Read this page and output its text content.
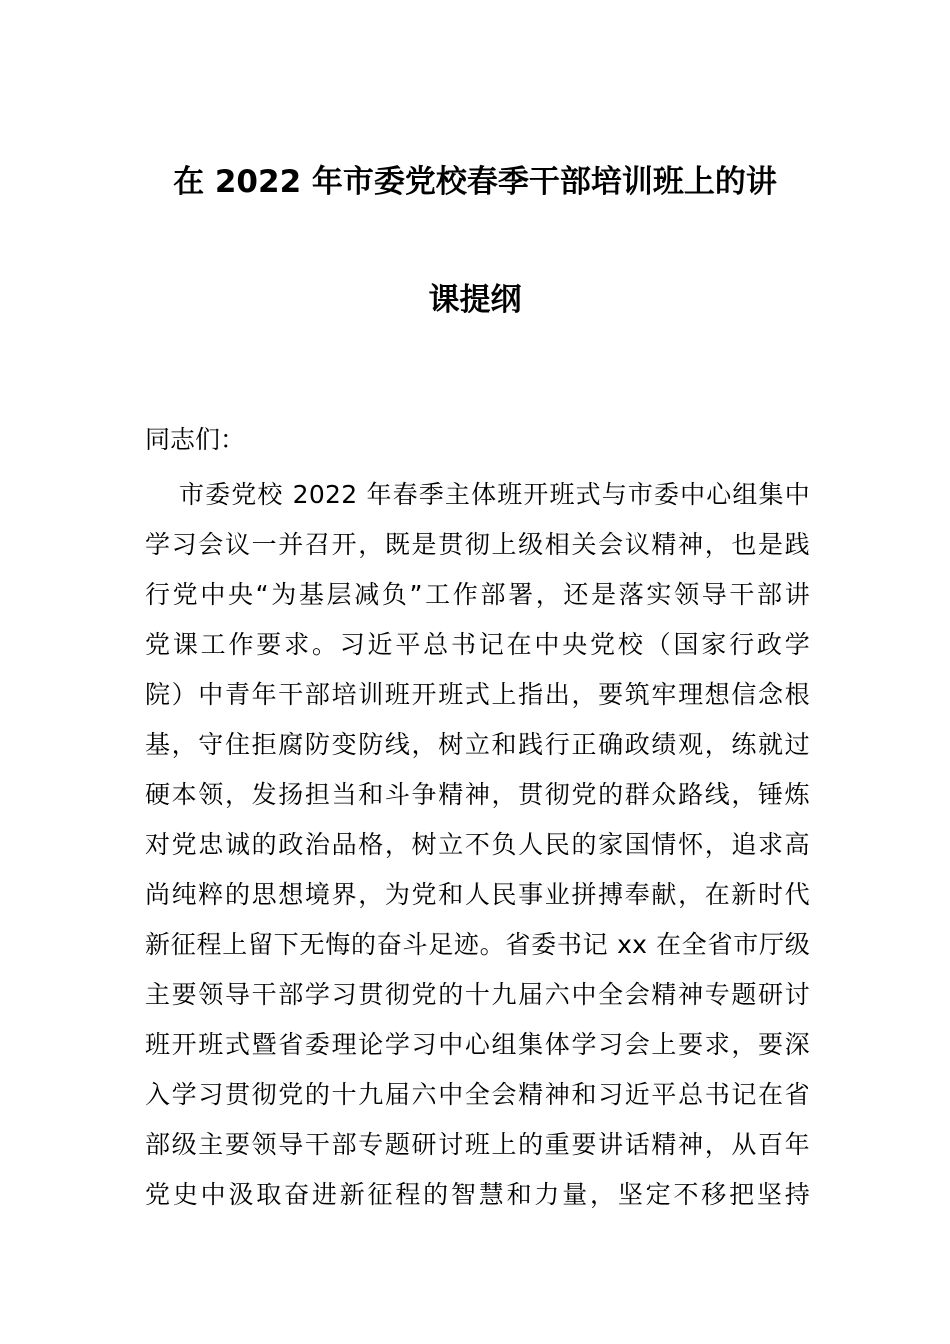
在 2022 年市委党校春季干部培训班上的讲
课提纲

同志们：

市委党校 2022 年春季主体班开班式与市委中心组集中
学习会议一并召开，既是贯彻上级相关会议精神，也是践
行党中央“为基层减负”工作部署，还是落实领导干部讲
党课工作要求。习近平总书记在中央党校（国家行政学
院）中青年干部培训班开班式上指出，要筑牢理想信念根
基，守住拒腐防变防线，树立和践行正确政绩观，练就过
硬本领，发扬担当和斗争精神，贯彻党的群众路线，锤炼
对党忠诚的政治品格，树立不负人民的家国情怀，追求高
尚纯粹的思想境界，为党和人民事业拼搏奉献，在新时代
新征程上留下无悔的奋斗足迹。省委书记 xx 在全省市厅级
主要领导干部学习贯彻党的十九届六中全会精神专题研讨
班开班式暨省委理论学习中心组集体学习会上要求，要深
入学习贯彻党的十九届六中全会精神和习近平总书记在省
部级主要领导干部专题研讨班上的重要讲话精神，从百年
党史中汲取奋进新征程的智慧和力量，坚定不移把坚持
